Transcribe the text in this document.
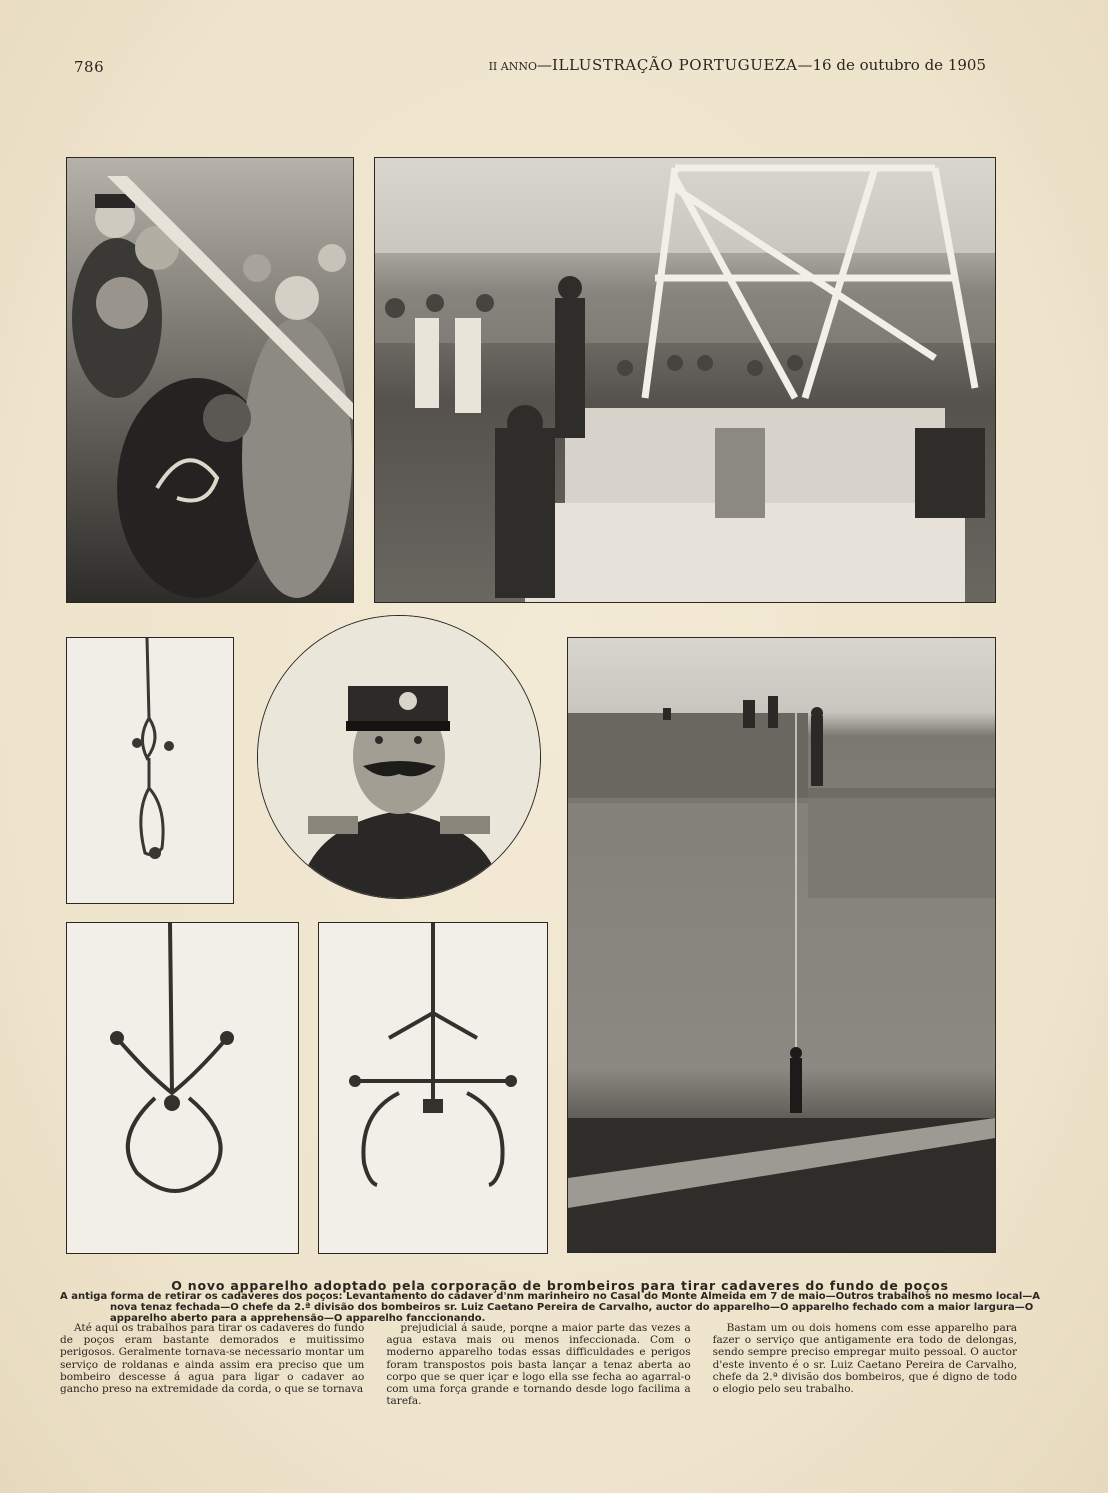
786	II ANNO—ILLUSTRAÇÃO PORTUGUEZA—16 de outubro de 1905
O novo apparelho adoptado pela corporação de brombeiros para tirar cadaveres do fundo de poços
A antiga forma de retirar os cadaveres dos poços: Levantamento do cadaver d'nm marinheiro no Casal do Monte Almeida em 7 de maio—Outros trabalhos no mesmo local—A nova tenaz fechada—O chefe da 2.ª divisão dos bombeiros sr. Luiz Caetano Pereira de Carvalho, auctor do apparelho—O apparelho fechado com a maior largura—O apparelho aberto para a apprehensão—O apparelho fanccionando.
Até aqui os trabalhos para tirar os cadaveres do fundo de poços eram bastante demorados e muitissimo perigosos. Geralmente tornava-se necessario montar um serviço de roldanas e ainda assim era preciso que um bombeiro descesse á agua para ligar o cadaver ao gancho preso na extremidade da corda, o que se tornava
prejudicial á saude, porqne a maior parte das vezes a agua estava mais ou menos infeccionada. Com o moderno apparelho todas essas difficuldades e perigos foram transpostos pois basta lançar a tenaz aberta ao corpo que se quer içar e logo ella sse fecha ao agarral-o com uma força grande e tornando desde logo facilima a tarefa.
Bastam um ou dois homens com esse apparelho para fazer o serviço que antigamente era todo de delongas, sendo sempre preciso empregar muito pessoal. O auctor d'este invento é o sr. Luiz Caetano Pereira de Carvalho, chefe da 2.ª divisão dos bombeiros, que é digno de todo o elogio pelo seu trabalho.
